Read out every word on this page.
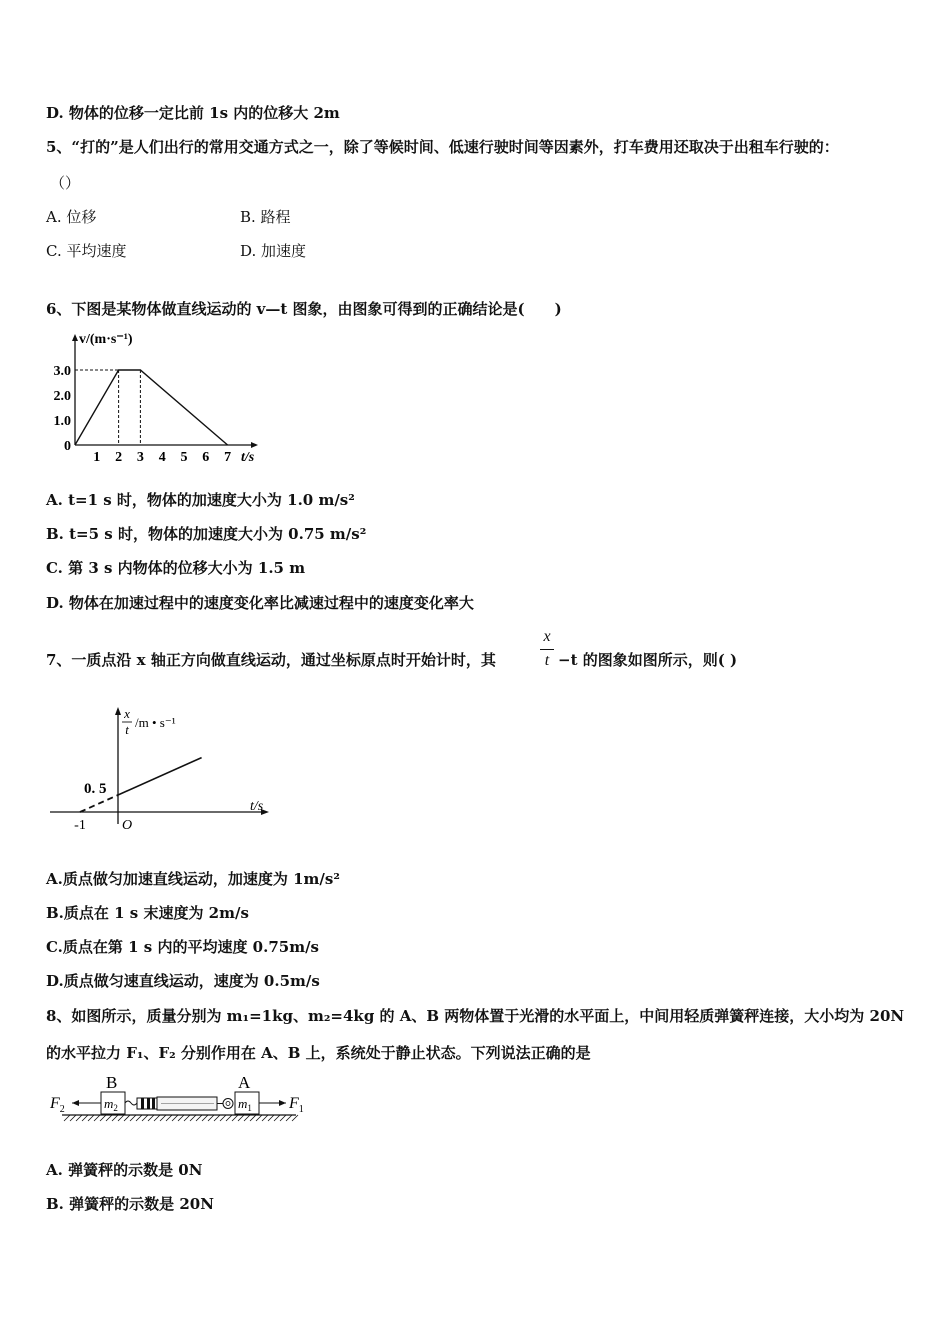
D. 物体的位移一定比前 1s 内的位移大 2m
5、“打的”是人们出行的常用交通方式之一，除了等候时间、低速行驶时间等因素外，打车费用还取决于出租车行驶的：
（）
A. 位移	B. 路程
C. 平均速度	D. 加速度
6、下图是某物体做直线运动的 v—t 图象，由图象可得到的正确结论是(　　)
v/(m·s⁻¹)
t/s
1 2 3 4 5 6 7
0
1.0
2.0
3.0
A. t=1 s 时，物体的加速度大小为 1.0 m/s²
B. t=5 s 时，物体的加速度大小为 0.75 m/s²
C. 第 3 s 内物体的位移大小为 1.5 m
D. 物体在加速过程中的速度变化率比减速过程中的速度变化率大
7、一质点沿 x 轴正方向做直线运动，通过坐标原点时开始计时，其
x
t −t 的图象如图所示，则( )
x
t /m • s⁻¹
t/s
0. 5
-1	O
A.质点做匀加速直线运动，加速度为 1m/s²
B.质点在 1 s 末速度为 2m/s
C.质点在第 1 s 内的平均速度 0.75m/s
D.质点做匀速直线运动，速度为 0.5m/s
8、如图所示，质量分别为 m₁=1kg、m₂=4kg 的 A、B 两物体置于光滑的水平面上，中间用轻质弹簧秤连接，大小均为 20N
的水平拉力 F₁、F₂ 分别作用在 A、B 上，系统处于静止状态。下列说法正确的是
B
$m_2$
A
$m_1$
$F_2$	$F_1$
A. 弹簧秤的示数是 0N
B. 弹簧秤的示数是 20N
